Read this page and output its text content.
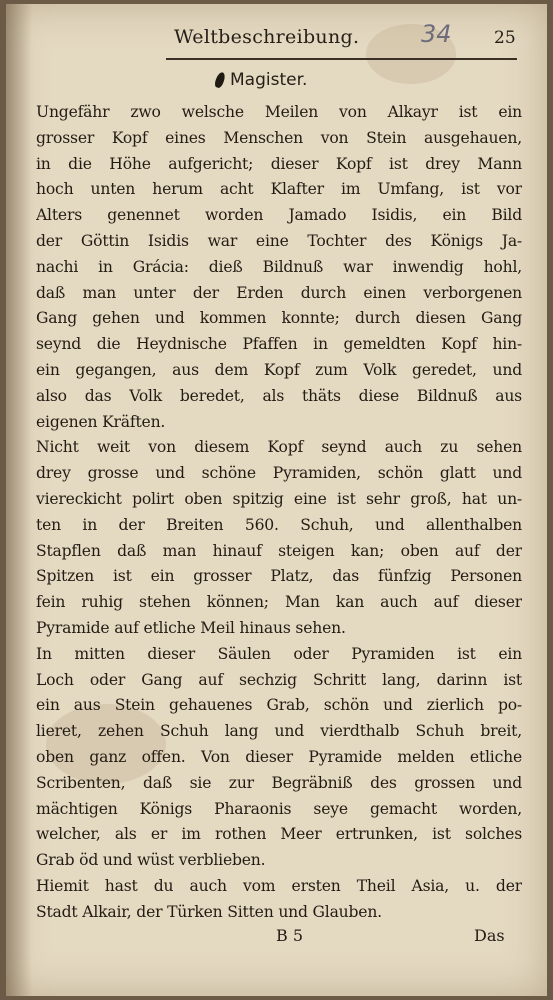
Weltbeschreibung.	34 25
Magister.
Ungefähr zwo welsche Meilen von Alkayr ist ein
grosser Kopf eines Menschen von Stein ausgehauen,
in die Höhe aufgericht; dieser Kopf ist drey Mann
hoch unten herum acht Klafter im Umfang, ist vor
Alters genennet worden Jamado Isidis, ein Bild
der Göttin Isidis war eine Tochter des Königs Ja-
nachi in Grácia: dieß Bildnuß war inwendig hohl,
daß man unter der Erden durch einen verborgenen
Gang gehen und kommen konnte; durch diesen Gang
seynd die Heydnische Pfaffen in gemeldten Kopf hin-
ein gegangen, aus dem Kopf zum Volk geredet, und
also das Volk beredet, als thäts diese Bildnuß aus
eigenen Kräften.
Nicht weit von diesem Kopf seynd auch zu sehen
drey grosse und schöne Pyramiden, schön glatt und
viereckicht polirt oben spitzig eine ist sehr groß, hat un-
ten in der Breiten 560. Schuh, und allenthalben
Stapflen daß man hinauf steigen kan; oben auf der
Spitzen ist ein grosser Platz, das fünfzig Personen
fein ruhig stehen können; Man kan auch auf dieser
Pyramide auf etliche Meil hinaus sehen.
In mitten dieser Säulen oder Pyramiden ist ein
Loch oder Gang auf sechzig Schritt lang, darinn ist
ein aus Stein gehauenes Grab, schön und zierlich po-
lieret, zehen Schuh lang und vierdthalb Schuh breit,
oben ganz offen. Von dieser Pyramide melden etliche
Scribenten, daß sie zur Begräbniß des grossen und
mächtigen Königs Pharaonis seye gemacht worden,
welcher, als er im rothen Meer ertrunken, ist solches
Grab öd und wüst verblieben.
Hiemit hast du auch vom ersten Theil Asia, u. der
Stadt Alkair, der Türken Sitten und Glauben.
B 5	Das
